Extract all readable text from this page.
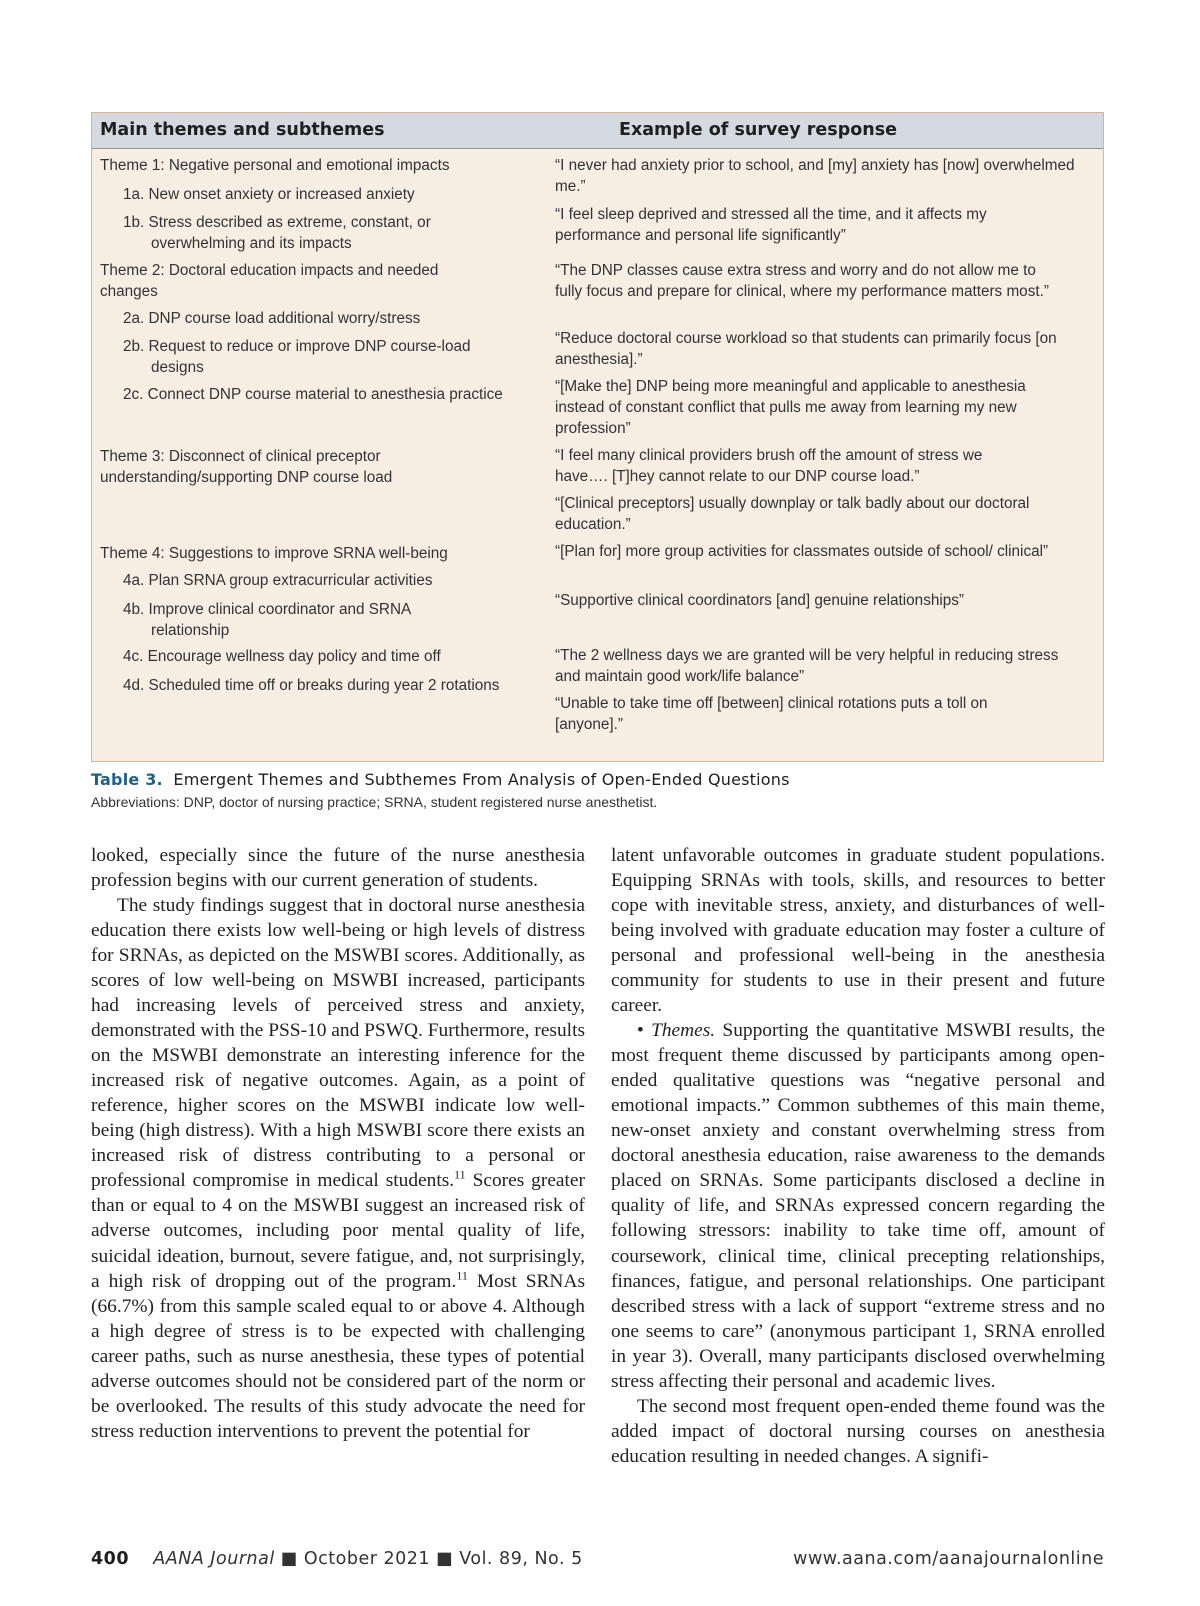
Main themes and subthemes	Example of survey response
Theme 1: Negative personal and emotional impacts
1a. New onset anxiety or increased anxiety
1b. Stress described as extreme, constant, or overwhelming and its impacts
Theme 2: Doctoral education impacts and needed changes
2a. DNP course load additional worry/stress
2b. Request to reduce or improve DNP course-load designs
2c. Connect DNP course material to anesthesia practice
Theme 3: Disconnect of clinical preceptor understanding/supporting DNP course load
Theme 4: Suggestions to improve SRNA well-being
4a. Plan SRNA group extracurricular activities
4b. Improve clinical coordinator and SRNA relationship
4c. Encourage wellness day policy and time off
4d. Scheduled time off or breaks during year 2 rotations
“I never had anxiety prior to school, and [my] anxiety has [now] overwhelmed me.”
“I feel sleep deprived and stressed all the time, and it affects my performance and personal life significantly”
“The DNP classes cause extra stress and worry and do not allow me to fully focus and prepare for clinical, where my performance matters most.”
“Reduce doctoral course workload so that students can primarily focus [on anesthesia].”
“[Make the] DNP being more meaningful and applicable to anesthesia instead of constant conflict that pulls me away from learning my new profession”
“I feel many clinical providers brush off the amount of stress we have…. [T]hey cannot relate to our DNP course load.”
“[Clinical preceptors] usually downplay or talk badly about our doctoral education.”
“[Plan for] more group activities for classmates outside of school/ clinical”
“Supportive clinical coordinators [and] genuine relationships”
“The 2 wellness days we are granted will be very helpful in reducing stress and maintain good work/life balance”
“Unable to take time off [between] clinical rotations puts a toll on [anyone].”
Table 3. Emergent Themes and Subthemes From Analysis of Open-Ended Questions
Abbreviations: DNP, doctor of nursing practice; SRNA, student registered nurse anesthetist.

looked, especially since the future of the nurse anesthesia profession begins with our current generation of students.

The study findings suggest that in doctoral nurse anesthesia education there exists low well-being or high levels of distress for SRNAs, as depicted on the MSWBI scores. Additionally, as scores of low well-being on MSWBI increased, participants had increasing levels of perceived stress and anxiety, demonstrated with the PSS-10 and PSWQ. Furthermore, results on the MSWBI demonstrate an interesting inference for the increased risk of negative outcomes. Again, as a point of reference, higher scores on the MSWBI indicate low well-being (high distress). With a high MSWBI score there exists an increased risk of distress contributing to a personal or professional compromise in medical students.$^{11}$ Scores greater than or equal to 4 on the MSWBI suggest an increased risk of adverse outcomes, including poor mental quality of life, suicidal ideation, burnout, severe fatigue, and, not surprisingly, a high risk of dropping out of the program.$^{11}$ Most SRNAs (66.7%) from this sample scaled equal to or above 4. Although a high degree of stress is to be expected with challenging career paths, such as nurse anesthesia, these types of potential adverse outcomes should not be considered part of the norm or be overlooked. The results of this study advocate the need for stress reduction interventions to prevent the potential for

latent unfavorable outcomes in graduate student populations. Equipping SRNAs with tools, skills, and resources to better cope with inevitable stress, anxiety, and disturbances of well-being involved with graduate education may foster a culture of personal and professional well-being in the anesthesia community for students to use in their present and future career.

• Themes. Supporting the quantitative MSWBI results, the most frequent theme discussed by participants among open-ended qualitative questions was “negative personal and emotional impacts.” Common subthemes of this main theme, new-onset anxiety and constant overwhelming stress from doctoral anesthesia education, raise awareness to the demands placed on SRNAs. Some participants disclosed a decline in quality of life, and SRNAs expressed concern regarding the following stressors: inability to take time off, amount of coursework, clinical time, clinical precepting relationships, finances, fatigue, and personal relationships. One participant described stress with a lack of support “extreme stress and no one seems to care” (anonymous participant 1, SRNA enrolled in year 3). Overall, many participants disclosed overwhelming stress affecting their personal and academic lives.

The second most frequent open-ended theme found was the added impact of doctoral nursing courses on anesthesia education resulting in needed changes. A signifi-

400 AANA Journal ■ October 2021 ■ Vol. 89, No. 5	www.aana.com/aanajournalonline
